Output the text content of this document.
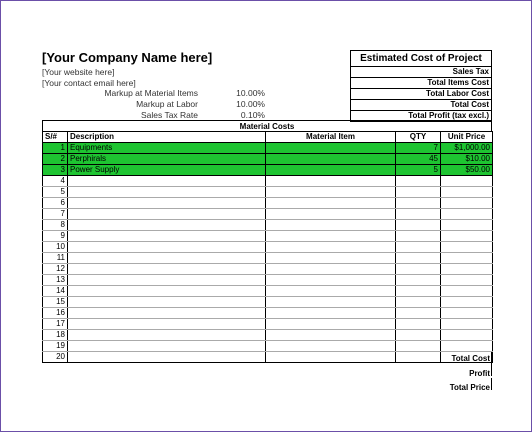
[Your Company Name here]
[Your website here]
[Your contact email here]
Markup at Material Items	10.00%
Markup at Labor	10.00%
Sales Tax Rate	0.10%
Estimated Cost of Project
Sales Tax
Total Items Cost
Total Labor Cost
Total Cost
Total Profit (tax excl.)
Material Costs
S/#	Description	Material Item	QTY	Unit Price
1	Equipments		7	$1,000.00
2	Perphirals		45	$10.00
3	Power Supply		5	$50.00
4				
5				
6				
7				
8				
9				
10				
11				
12				
13				
14				
15				
16				
17				
18				
19				
20					Total Cost
Profit
Total Price
